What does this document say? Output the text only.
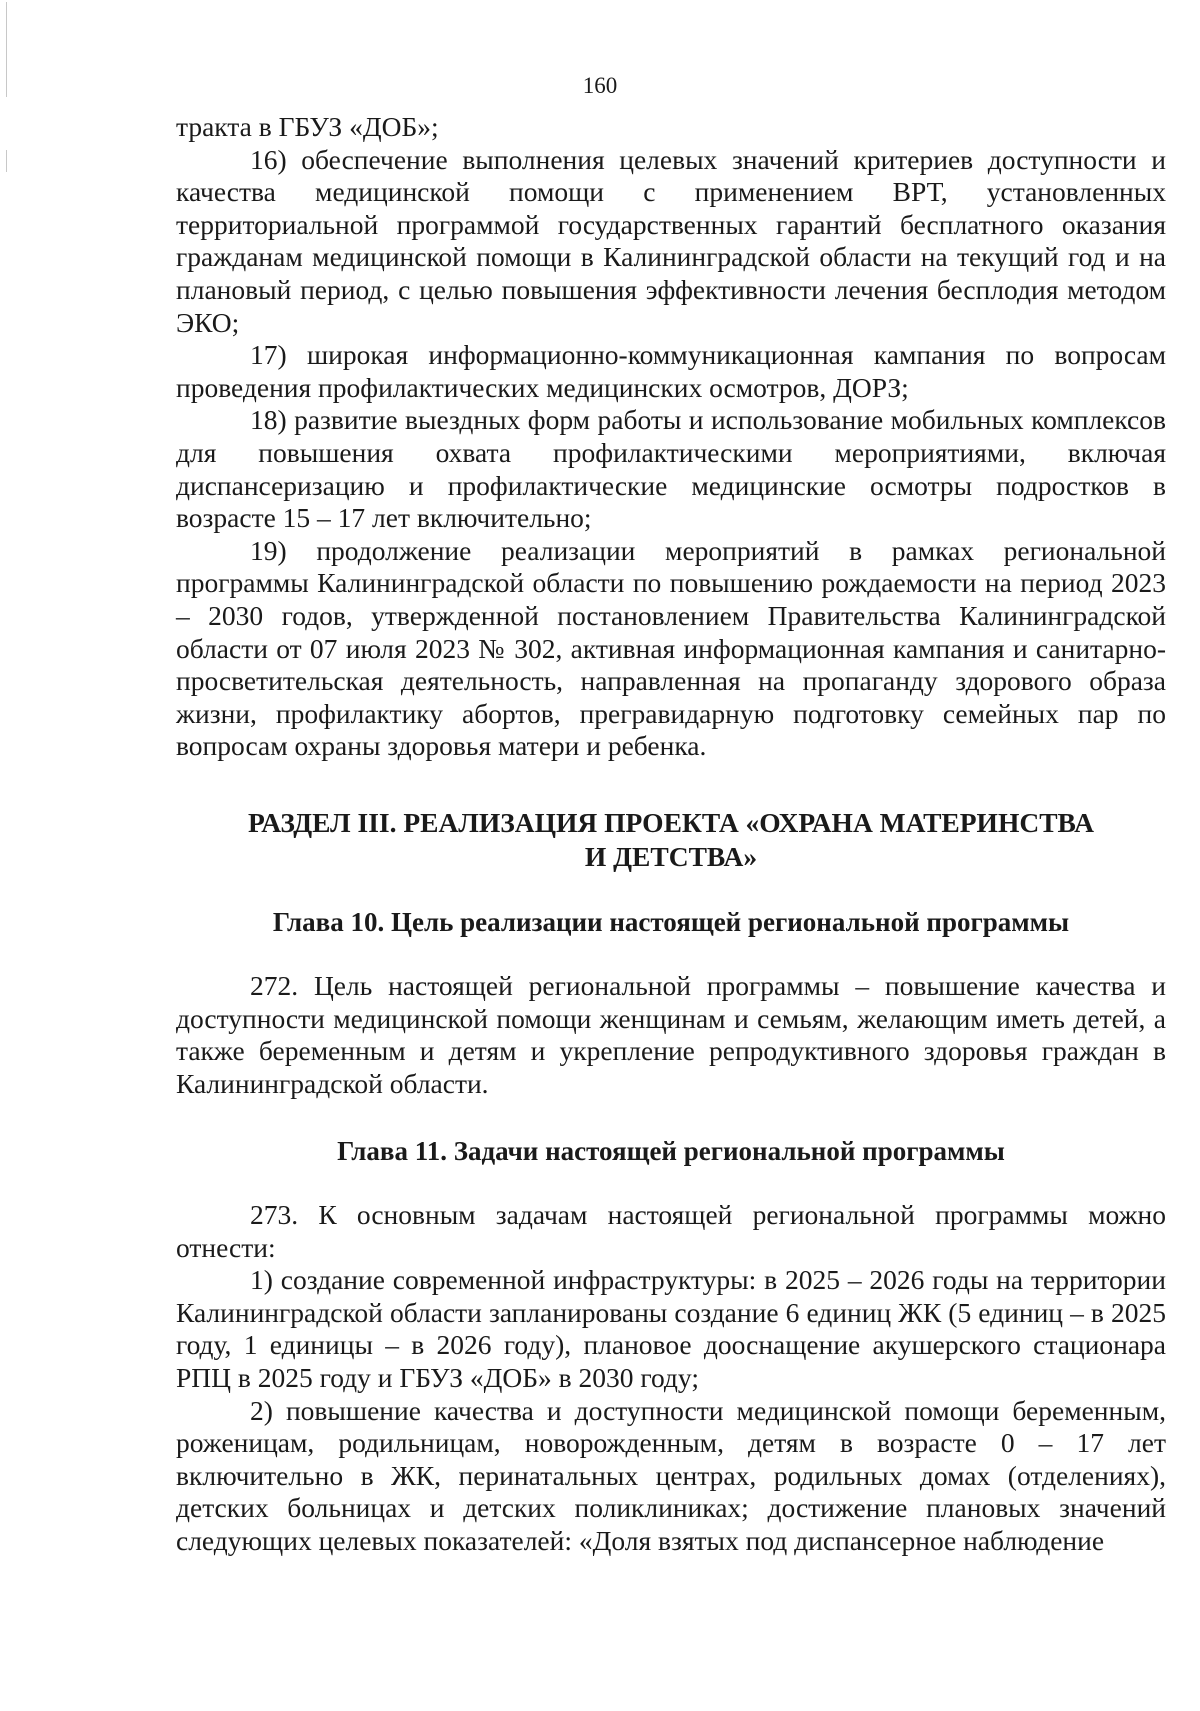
160

тракта в ГБУЗ «ДОБ»;

16) обеспечение выполнения целевых значений критериев доступности и качества медицинской помощи с применением ВРТ, установленных территориальной программой государственных гарантий бесплатного оказания гражданам медицинской помощи в Калининградской области на текущий год и на плановый период, с целью повышения эффективности лечения бесплодия методом ЭКО;

17) широкая информационно-коммуникационная кампания по вопросам проведения профилактических медицинских осмотров, ДОРЗ;

18) развитие выездных форм работы и использование мобильных комплексов для повышения охвата профилактическими мероприятиями, включая диспансеризацию и профилактические медицинские осмотры подростков в возрасте 15 – 17 лет включительно;

19) продолжение реализации мероприятий в рамках региональной программы Калининградской области по повышению рождаемости на период 2023 – 2030 годов, утвержденной постановлением Правительства Калининградской области от 07 июля 2023 № 302, активная информационная кампания и санитарно-просветительская деятельность, направленная на пропаганду здорового образа жизни, профилактику абортов, прегравидарную подготовку семейных пар по вопросам охраны здоровья матери и ребенка.

РАЗДЕЛ III. РЕАЛИЗАЦИЯ ПРОЕКТА «ОХРАНА МАТЕРИНСТВА
И ДЕТСТВА»
Глава 10. Цель реализации настоящей региональной программы

272. Цель настоящей региональной программы – повышение качества и доступности медицинской помощи женщинам и семьям, желающим иметь детей, а также беременным и детям и укрепление репродуктивного здоровья граждан в Калининградской области.

Глава 11. Задачи настоящей региональной программы

273. К основным задачам настоящей региональной программы можно отнести:

1) создание современной инфраструктуры: в 2025 – 2026 годы на территории Калининградской области запланированы создание 6 единиц ЖК (5 единиц – в 2025 году, 1 единицы – в 2026 году), плановое дооснащение акушерского стационара РПЦ в 2025 году и ГБУЗ «ДОБ» в 2030 году;

2) повышение качества и доступности медицинской помощи беременным, роженицам, родильницам, новорожденным, детям в возрасте 0 – 17 лет включительно в ЖК, перинатальных центрах, родильных домах (отделениях), детских больницах и детских поликлиниках; достижение плановых значений следующих целевых показателей: «Доля взятых под диспансерное наблюдение
